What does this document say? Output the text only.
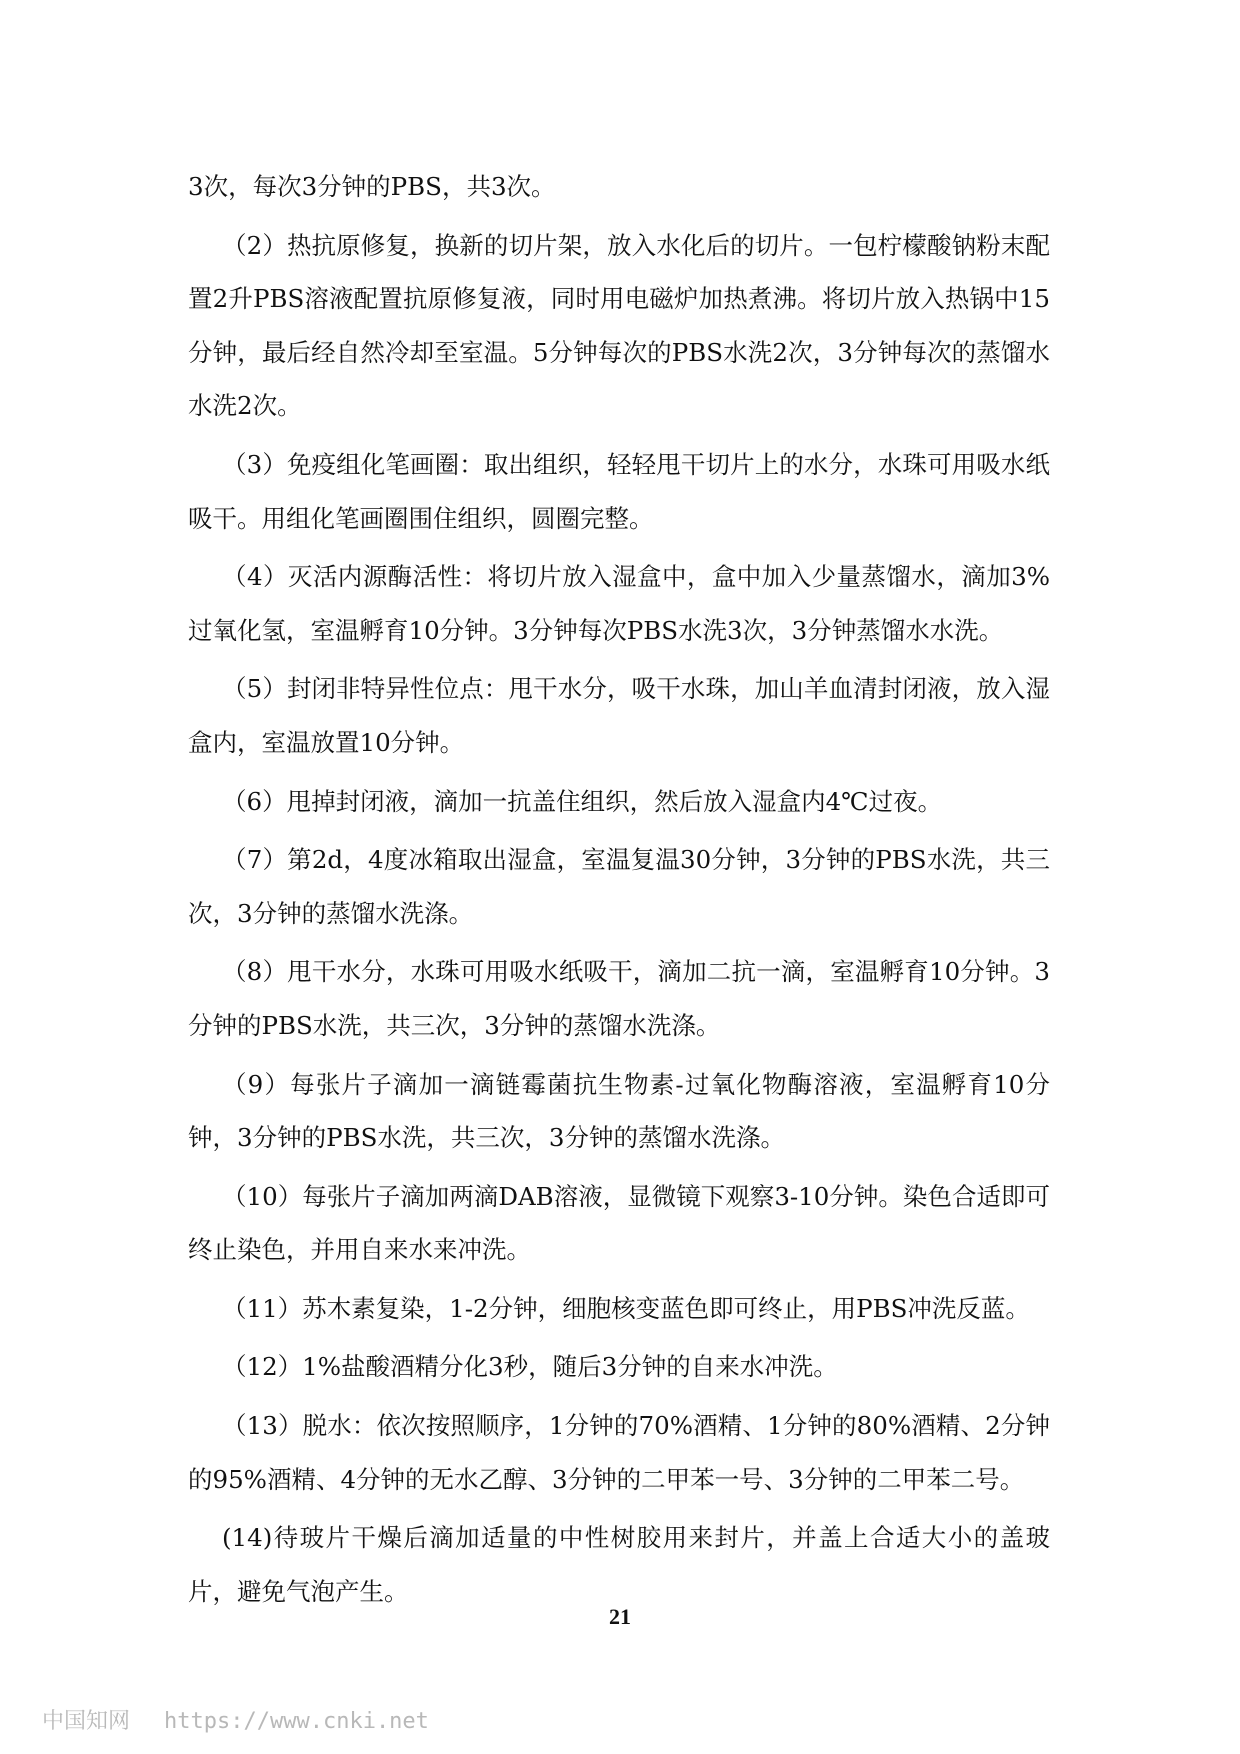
3次，每次3分钟的PBS，共3次。

（2）热抗原修复，换新的切片架，放入水化后的切片。一包柠檬酸钠粉末配置2升PBS溶液配置抗原修复液，同时用电磁炉加热煮沸。将切片放入热锅中15分钟，最后经自然冷却至室温。5分钟每次的PBS水洗2次，3分钟每次的蒸馏水水洗2次。

（3）免疫组化笔画圈：取出组织，轻轻甩干切片上的水分，水珠可用吸水纸吸干。用组化笔画圈围住组织，圆圈完整。

（4）灭活内源酶活性：将切片放入湿盒中，盒中加入少量蒸馏水，滴加3%过氧化氢，室温孵育10分钟。3分钟每次PBS水洗3次，3分钟蒸馏水水洗。

（5）封闭非特异性位点：甩干水分，吸干水珠，加山羊血清封闭液，放入湿盒内，室温放置10分钟。

（6）甩掉封闭液，滴加一抗盖住组织，然后放入湿盒内4℃过夜。

（7）第2d，4度冰箱取出湿盒，室温复温30分钟，3分钟的PBS水洗，共三次，3分钟的蒸馏水洗涤。

（8）甩干水分，水珠可用吸水纸吸干，滴加二抗一滴，室温孵育10分钟。3分钟的PBS水洗，共三次，3分钟的蒸馏水洗涤。

（9）每张片子滴加一滴链霉菌抗生物素-过氧化物酶溶液，室温孵育10分钟，3分钟的PBS水洗，共三次，3分钟的蒸馏水洗涤。

（10）每张片子滴加两滴DAB溶液，显微镜下观察3-10分钟。染色合适即可终止染色，并用自来水来冲洗。

（11）苏木素复染，1-2分钟，细胞核变蓝色即可终止，用PBS冲洗反蓝。

（12）1%盐酸酒精分化3秒，随后3分钟的自来水冲洗。

（13）脱水：依次按照顺序，1分钟的70%酒精、1分钟的80%酒精、2分钟的95%酒精、4分钟的无水乙醇、3分钟的二甲苯一号、3分钟的二甲苯二号。

(14)待玻片干燥后滴加适量的中性树胶用来封片，并盖上合适大小的盖玻片，避免气泡产生。

21
中国知网 https://www.cnki.net
